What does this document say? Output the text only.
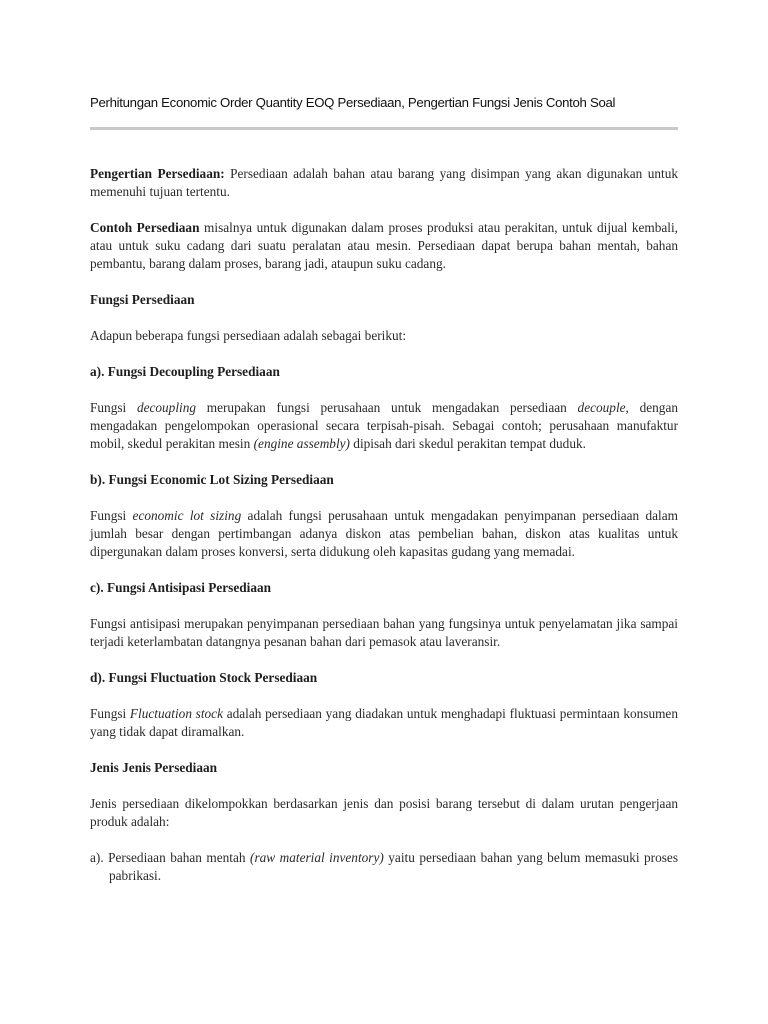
Perhitungan Economic Order Quantity EOQ Persediaan, Pengertian Fungsi Jenis Contoh Soal

Pengertian Persediaan: Persediaan adalah bahan atau barang yang disimpan yang akan digunakan untuk memenuhi tujuan tertentu.

Contoh Persediaan misalnya untuk digunakan dalam proses produksi atau perakitan, untuk dijual kembali, atau untuk suku cadang dari suatu peralatan atau mesin. Persediaan dapat berupa bahan mentah, bahan pembantu, barang dalam proses, barang jadi, ataupun suku cadang.

Fungsi Persediaan

Adapun beberapa fungsi persediaan adalah sebagai berikut:

a). Fungsi Decoupling Persediaan

Fungsi decoupling merupakan fungsi perusahaan untuk mengadakan persediaan decouple, dengan mengadakan pengelompokan operasional secara terpisah-pisah. Sebagai contoh; perusahaan manufaktur mobil, skedul perakitan mesin (engine assembly) dipisah dari skedul perakitan tempat duduk.

b). Fungsi Economic Lot Sizing Persediaan

Fungsi economic lot sizing adalah fungsi perusahaan untuk mengadakan penyimpanan persediaan dalam jumlah besar dengan pertimbangan adanya diskon atas pembelian bahan, diskon atas kualitas untuk dipergunakan dalam proses konversi, serta didukung oleh kapasitas gudang yang memadai.

c). Fungsi Antisipasi Persediaan

Fungsi antisipasi merupakan penyimpanan persediaan bahan yang fungsinya untuk penyelamatan jika sampai terjadi keterlambatan datangnya pesanan bahan dari pemasok atau laveransir.

d). Fungsi Fluctuation Stock Persediaan

Fungsi Fluctuation stock adalah persediaan yang diadakan untuk menghadapi fluktuasi permintaan konsumen yang tidak dapat diramalkan.

Jenis Jenis Persediaan

Jenis persediaan dikelompokkan berdasarkan jenis dan posisi barang tersebut di dalam urutan pengerjaan produk adalah:

a). Persediaan bahan mentah (raw material inventory) yaitu persediaan bahan yang belum memasuki proses pabrikasi.
